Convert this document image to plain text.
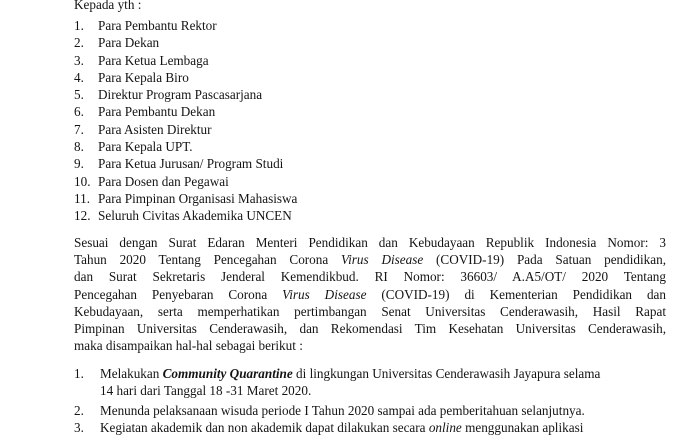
Kepada yth :
1.	Para Pembantu Rektor
2.	Para Dekan
3.	Para Ketua Lembaga
4.	Para Kepala Biro
5.	Direktur Program Pascasarjana
6.	Para Pembantu Dekan
7.	Para Asisten Direktur
8.	Para Kepala UPT.
9.	Para Ketua Jurusan/ Program Studi
10. Para Dosen dan Pegawai
11. Para Pimpinan Organisasi Mahasiswa
12. Seluruh Civitas Akademika UNCEN
Sesuai dengan Surat Edaran Menteri Pendidikan dan Kebudayaan Republik Indonesia Nomor: 3
Tahun 2020 Tentang Pencegahan Corona Virus Disease (COVID-19) Pada Satuan pendidikan,
dan Surat Sekretaris Jenderal Kemendikbud. RI Nomor: 36603/ A.A5/OT/ 2020 Tentang
Pencegahan Penyebaran Corona Virus Disease (COVID-19) di Kementerian Pendidikan dan
Kebudayaan, serta memperhatikan pertimbangan Senat Universitas Cenderawasih, Hasil Rapat
Pimpinan Universitas Cenderawasih, dan Rekomendasi Tim Kesehatan Universitas Cenderawasih,
maka disampaikan hal-hal sebagai berikut :
1.	Melakukan Community Quarantine di lingkungan Universitas Cenderawasih Jayapura selama
14 hari dari Tanggal 18 -31 Maret 2020.
2.	Menunda pelaksanaan wisuda periode I Tahun 2020 sampai ada pemberitahuan selanjutnya.
3.	Kegiatan akademik dan non akademik dapat dilakukan secara online menggunakan aplikasi
